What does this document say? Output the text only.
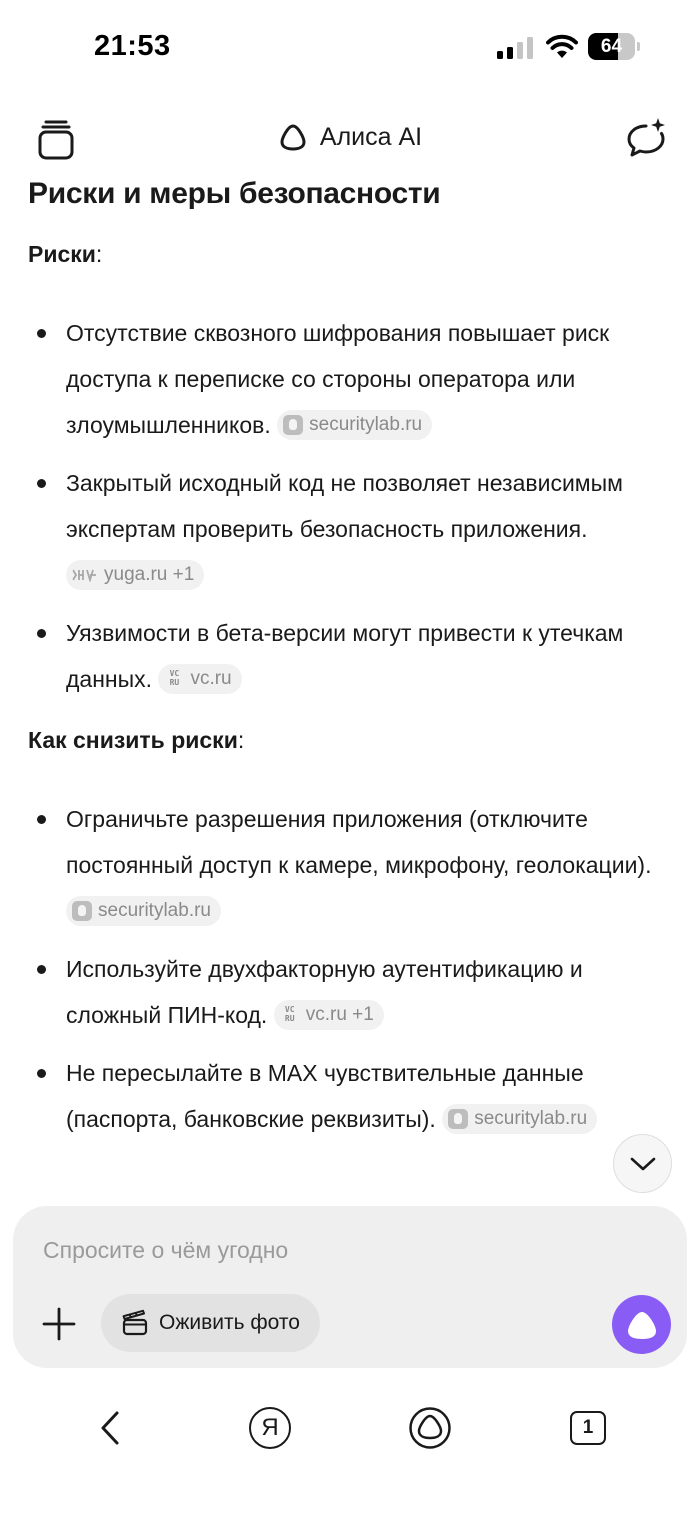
21:53	64
Алиса AI
Риски и меры безопасности
Риски:
Отсутствие сквозного шифрования повышает риск доступа к переписке со стороны оператора или злоумышленников. securitylab.ru
Закрытый исходный код не позволяет независимым экспертам проверить безопасность приложения.
yuga.ru +1
Уязвимости в бета-версии могут привести к утечкам данных.	VC
RU vc.ru
Как снизить риски:
Ограничьте разрешения приложения (отключите постоянный доступ к камере, микрофону, геолокации).
securitylab.ru
Используйте двухфакторную аутентификацию и сложный ПИН-код.	VC
RU vc.ru +1
Не пересылайте в MAX чувствительные данные (паспорта, банковские реквизиты). securitylab.ru
Спросите о чём угодно
Оживить фото
Я	1
